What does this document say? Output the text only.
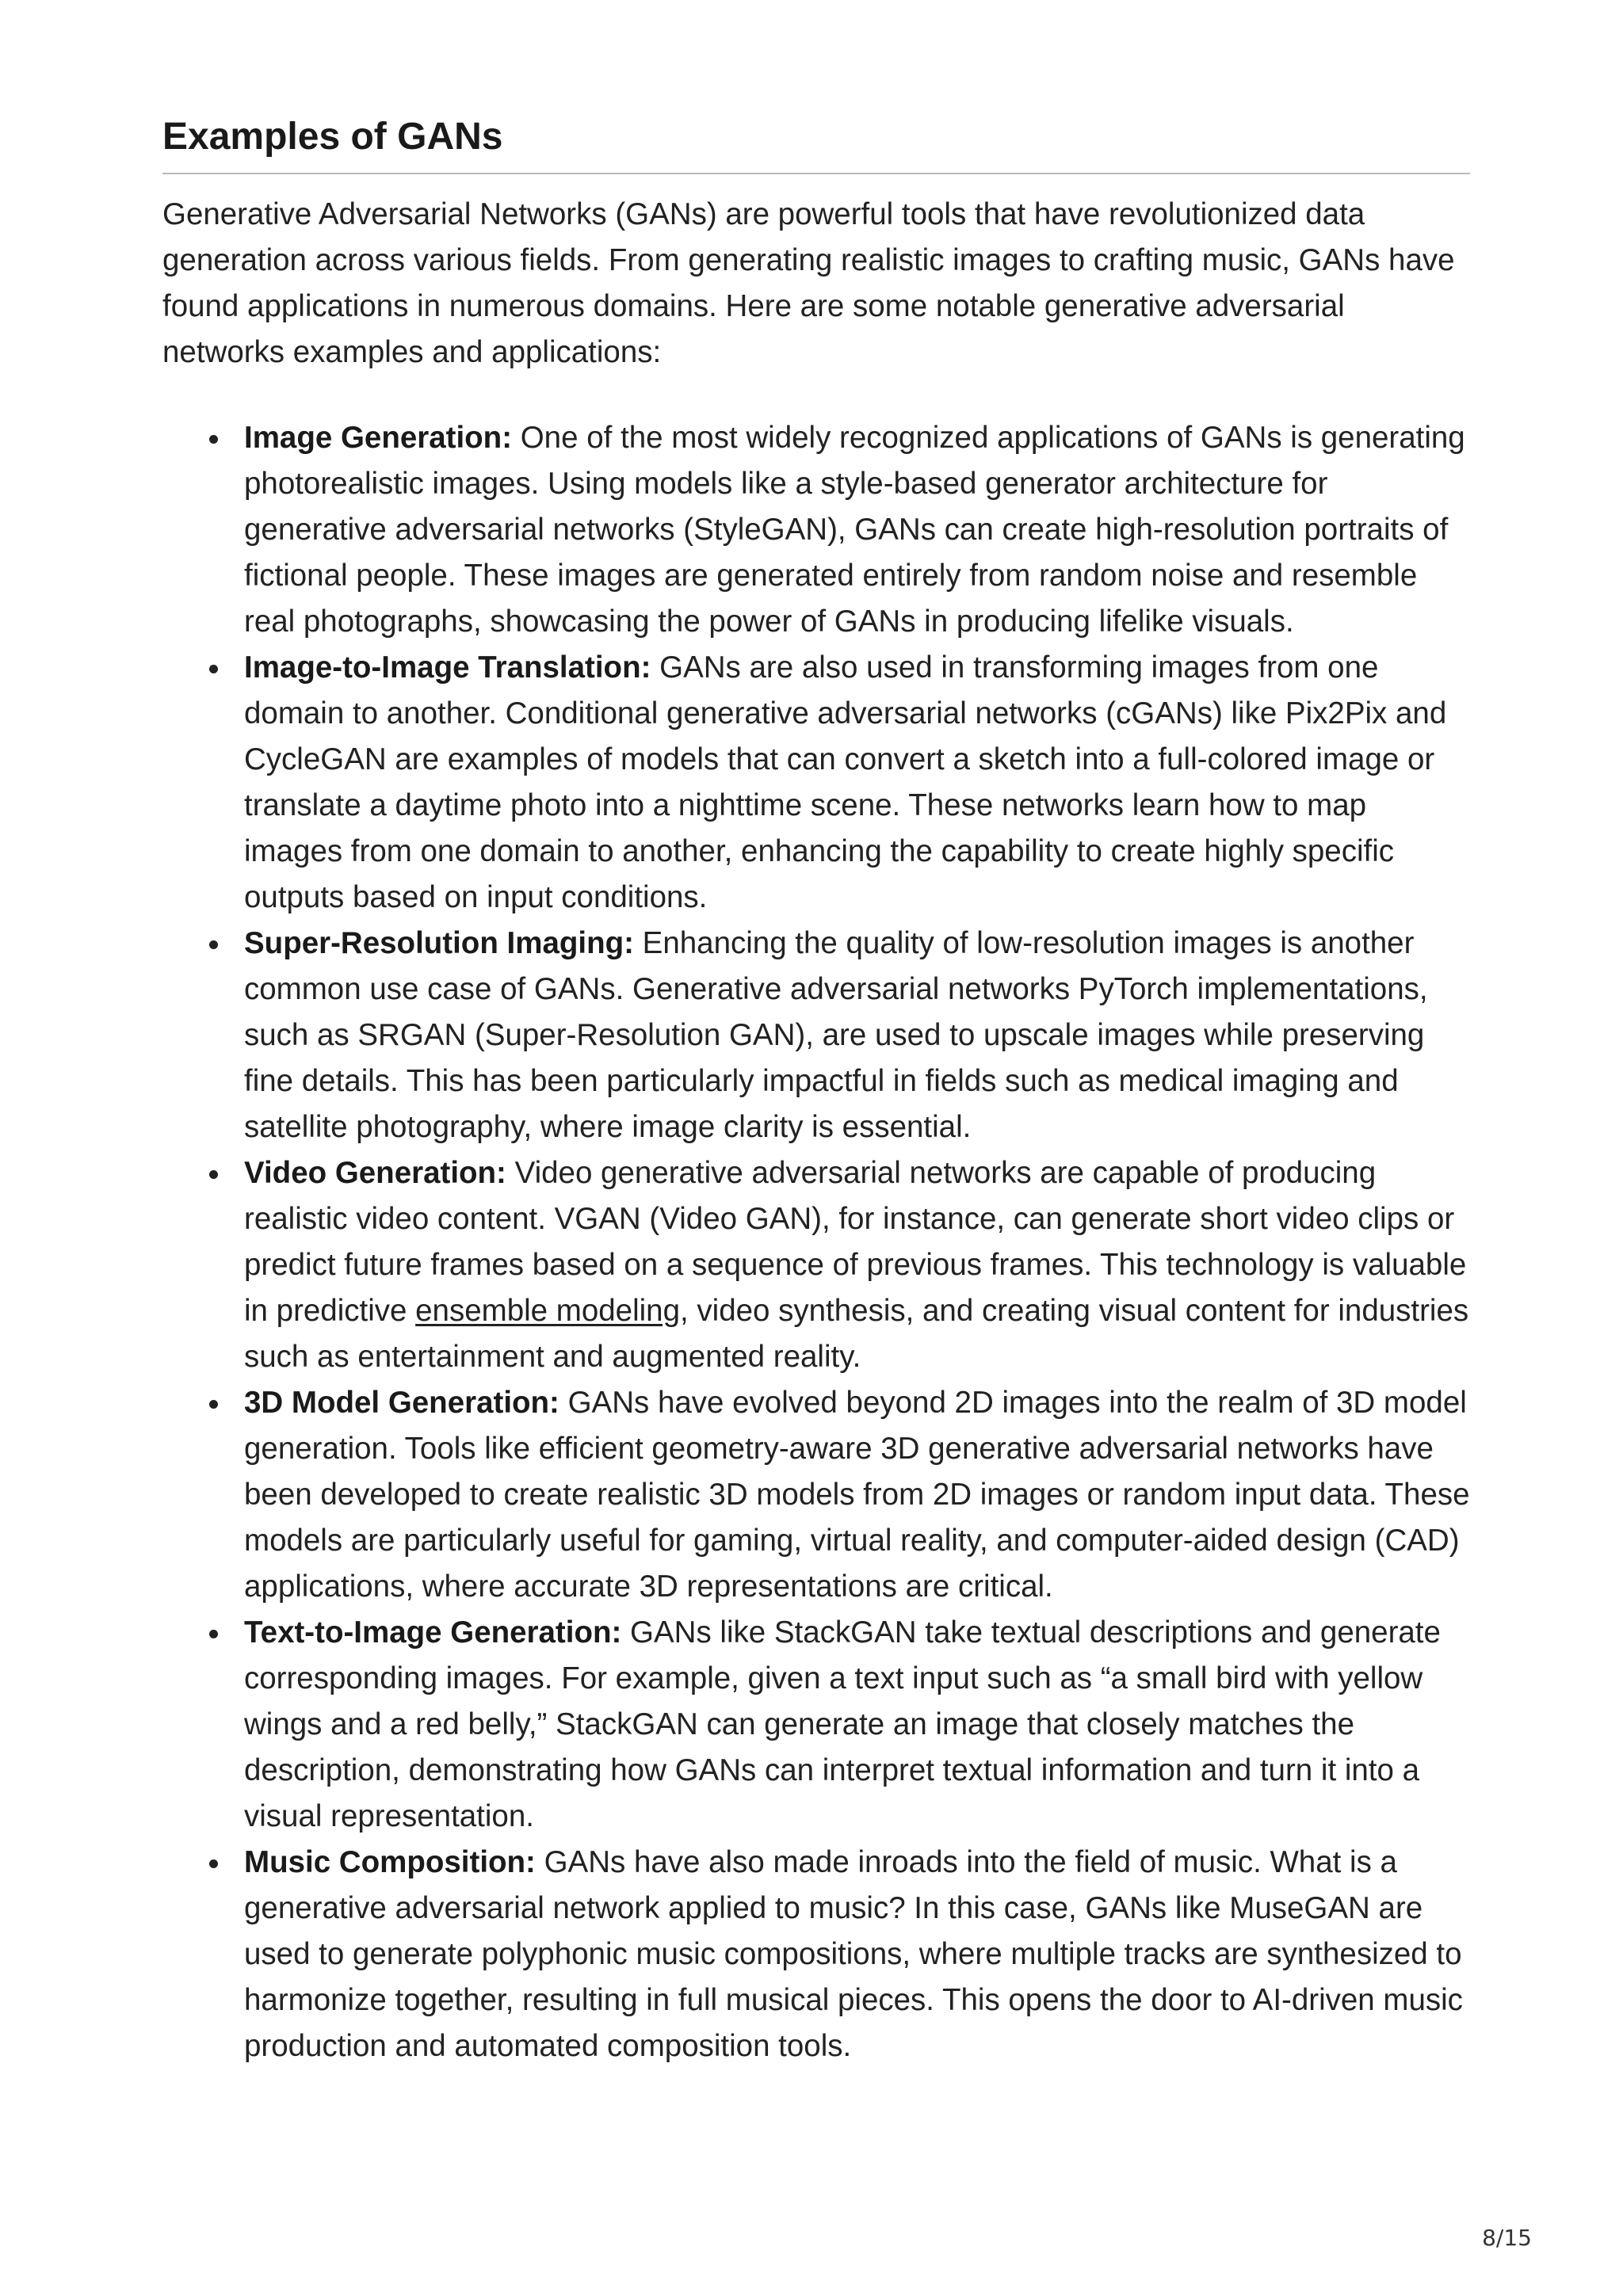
Examples of GANs

Generative Adversarial Networks (GANs) are powerful tools that have revolutionized data generation across various fields. From generating realistic images to crafting music, GANs have found applications in numerous domains. Here are some notable generative adversarial networks examples and applications:

Image Generation: One of the most widely recognized applications of GANs is generating photorealistic images. Using models like a style-based generator architecture for generative adversarial networks (StyleGAN), GANs can create high-resolution portraits of fictional people. These images are generated entirely from random noise and resemble real photographs, showcasing the power of GANs in producing lifelike visuals.
Image-to-Image Translation: GANs are also used in transforming images from one domain to another. Conditional generative adversarial networks (cGANs) like Pix2Pix and CycleGAN are examples of models that can convert a sketch into a full-colored image or translate a daytime photo into a nighttime scene. These networks learn how to map images from one domain to another, enhancing the capability to create highly specific outputs based on input conditions.
Super-Resolution Imaging: Enhancing the quality of low-resolution images is another common use case of GANs. Generative adversarial networks PyTorch implementations, such as SRGAN (Super-Resolution GAN), are used to upscale images while preserving fine details. This has been particularly impactful in fields such as medical imaging and satellite photography, where image clarity is essential.
Video Generation: Video generative adversarial networks are capable of producing realistic video content. VGAN (Video GAN), for instance, can generate short video clips or predict future frames based on a sequence of previous frames. This technology is valuable in predictive ensemble modeling, video synthesis, and creating visual content for industries such as entertainment and augmented reality.
3D Model Generation: GANs have evolved beyond 2D images into the realm of 3D model generation. Tools like efficient geometry-aware 3D generative adversarial networks have been developed to create realistic 3D models from 2D images or random input data. These models are particularly useful for gaming, virtual reality, and computer-aided design (CAD) applications, where accurate 3D representations are critical.
Text-to-Image Generation: GANs like StackGAN take textual descriptions and generate corresponding images. For example, given a text input such as “a small bird with yellow wings and a red belly,” StackGAN can generate an image that closely matches the description, demonstrating how GANs can interpret textual information and turn it into a visual representation.
Music Composition: GANs have also made inroads into the field of music. What is a generative adversarial network applied to music? In this case, GANs like MuseGAN are used to generate polyphonic music compositions, where multiple tracks are synthesized to harmonize together, resulting in full musical pieces. This opens the door to AI-driven music production and automated composition tools.
8/15
